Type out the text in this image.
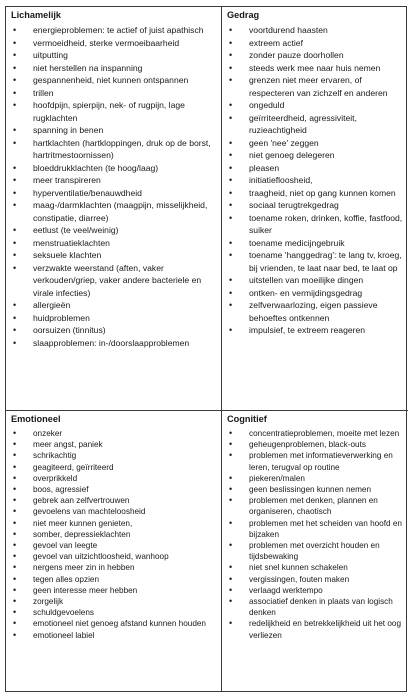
Lichamelijk
• energieproblemen: te actief of juist apathisch
• vermoeidheid, sterke vermoeibaarheid
• uitputting
• niet herstellen na inspanning
• gespannenheid, niet kunnen ontspannen
• trillen
• hoofdpijn, spierpijn, nek- of rugpijn, lage rugklachten
• spanning in benen
• hartklachten (hartkloppingen, druk op de borst, hartritmestoornissen)
• bloeddrukklachten (te hoog/laag)
• meer transpireren
• hyperventilatie/benauwdheid
• maag-/darmklachten (maagpijn, misselijkheid, constipatie, diarree)
• eetlust (te veel/weinig)
• menstruatieklachten
• seksuele klachten
• verzwakte weerstand (aften, vaker verkouden/griep, vaker andere bacteriele en virale infecties)
• allergieën
• huidproblemen
• oorsuizen (tinnitus)
• slaapproblemen: in-/doorslaapproblemen
Gedrag
• voortdurend haasten
• extreem actief
• zonder pauze doorhollen
• steeds werk mee naar huis nemen
• grenzen niet meer ervaren, of respecteren van zichzelf en anderen
• ongeduld
• geïrriteerdheid, agressiviteit, ruzieachtigheid
• geen 'nee' zeggen
• niet genoeg delegeren
• pleasen
• initiatiefloosheid,
• traagheid, niet op gang kunnen komen
• sociaal terugtrekgedrag
• toename roken, drinken, koffie, fastfood, suiker
• toename medicijngebruik
• toename 'hanggedrag': te lang tv, kroeg, bij vrienden, te laat naar bed, te laat op
• uitstellen van moeilijke dingen
• ontken- en vermijdingsgedrag
• zelfverwaarlozing, eigen passieve behoeftes ontkennen
• impulsief, te extreem reageren
Emotioneel
• onzeker
• meer angst, paniek
• schrikachtig
• geagiteerd, geïrriteerd
• overprikkeld
• boos, agressief
• gebrek aan zelfvertrouwen
• gevoelens van machteloosheid
• niet meer kunnen genieten,
• somber, depressieklachten
• gevoel van leegte
• gevoel van uitzichtloosheid, wanhoop
• nergens meer zin in hebben
• tegen alles opzien
• geen interesse meer hebben
• zorgelijk
• schuldgevoelens
• emotioneel niet genoeg afstand kunnen houden
• emotioneel labiel
Cognitief
• concentratieproblemen, moeite met lezen
• geheugenproblemen, black-outs
• problemen met informatieverwerking en leren, terugval op routine
• piekeren/malen
• geen beslissingen kunnen nemen
• problemen met denken, plannen en organiseren, chaotisch
• problemen met het scheiden van hoofd en bijzaken
• problemen met overzicht houden en tijdsbewaking
• niet snel kunnen schakelen
• vergissingen, fouten maken
• verlaagd werktempo
• associatief denken in plaats van logisch denken
• redelijkheid en betrekkelijkheid uit het oog verliezen
